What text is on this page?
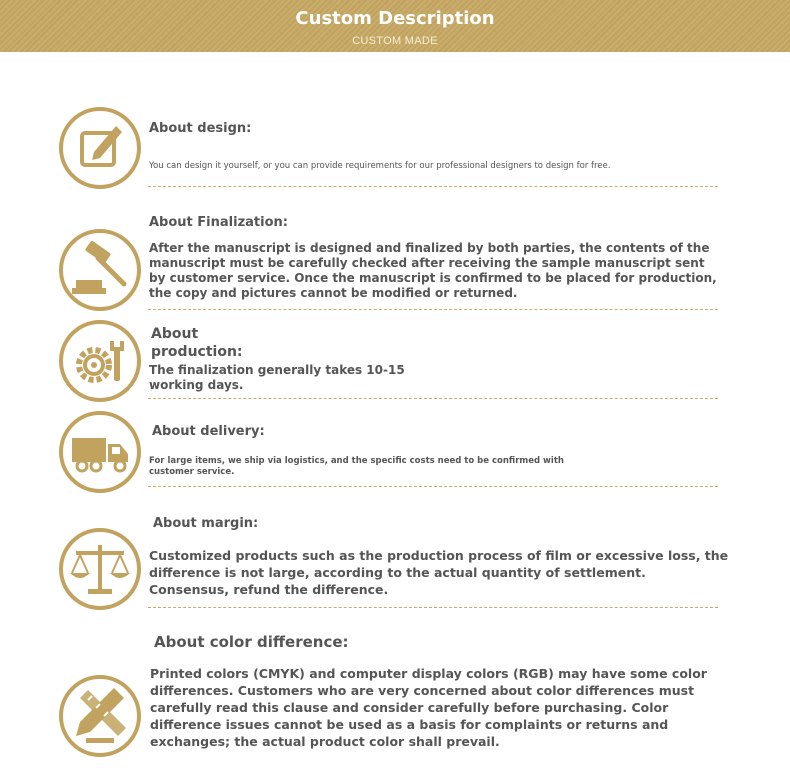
Custom Description
CUSTOM MADE
About design:
You can design it yourself, or you can provide requirements for our professional designers to design for free.
About Finalization:
After the manuscript is designed and finalized by both parties, the contents of the manuscript must be carefully checked after receiving the sample manuscript sent by customer service. Once the manuscript is confirmed to be placed for production, the copy and pictures cannot be modified or returned.
About production:
The finalization generally takes 10-15 working days.
About delivery:
For large items, we ship via logistics, and the specific costs need to be confirmed with customer service.
About margin:
Customized products such as the production process of film or excessive loss, the difference is not large, according to the actual quantity of settlement. Consensus, refund the difference.
About color difference:
Printed colors (CMYK) and computer display colors (RGB) may have some color differences. Customers who are very concerned about color differences must carefully read this clause and consider carefully before purchasing. Color difference issues cannot be used as a basis for complaints or returns and exchanges; the actual product color shall prevail.
